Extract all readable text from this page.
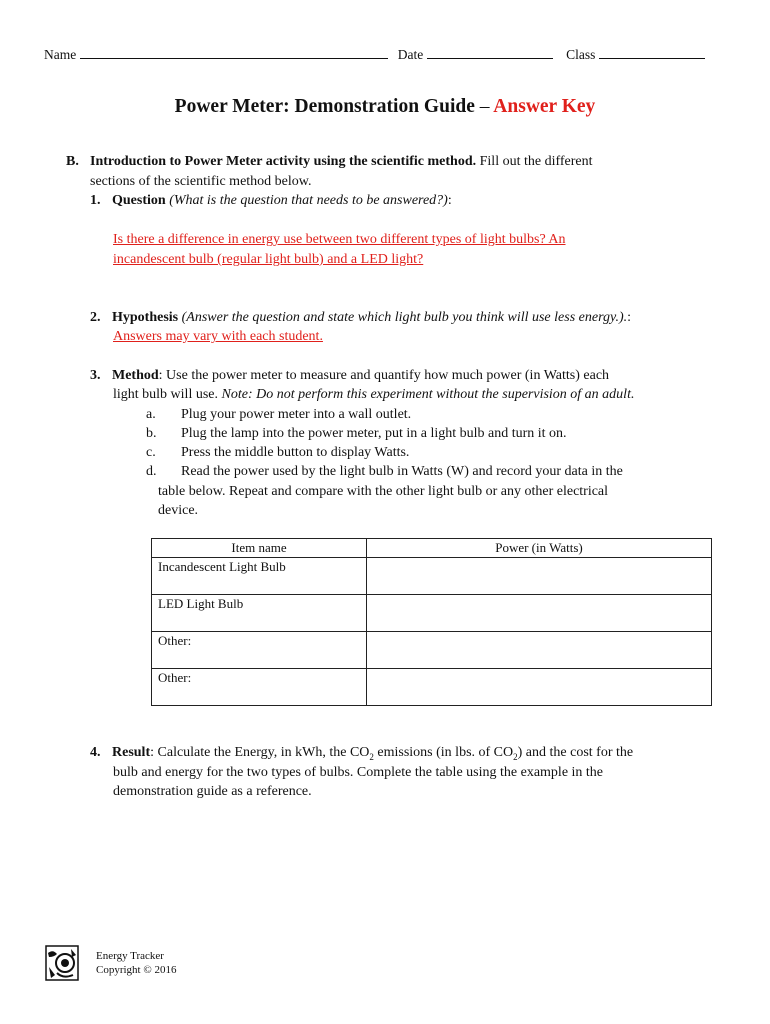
Name	Date	Class
Power Meter: Demonstration Guide – Answer Key
B. Introduction to Power Meter activity using the scientific method. Fill out the different
sections of the scientific method below.
1. Question (What is the question that needs to be answered?):
Is there a difference in energy use between two different types of light bulbs? An
incandescent bulb (regular light bulb) and a LED light?
2. Hypothesis (Answer the question and state which light bulb you think will use less energy.).:
Answers may vary with each student.
3. Method: Use the power meter to measure and quantify how much power (in Watts) each
light bulb will use. Note: Do not perform this experiment without the supervision of an adult.
a. Plug your power meter into a wall outlet.
b. Plug the lamp into the power meter, put in a light bulb and turn it on.
c. Press the middle button to display Watts.
d. Read the power used by the light bulb in Watts (W) and record your data in the
table below. Repeat and compare with the other light bulb or any other electrical
device.
Item name	Power (in Watts)
Incandescent Light Bulb	
LED Light Bulb	
Other:	
Other:	
4. Result: Calculate the Energy, in kWh, the $CO_2$ emissions (in lbs. of $CO_2$) and the cost for the
bulb and energy for the two types of bulbs. Complete the table using the example in the
demonstration guide as a reference.
Energy Tracker
Copyright © 2016
